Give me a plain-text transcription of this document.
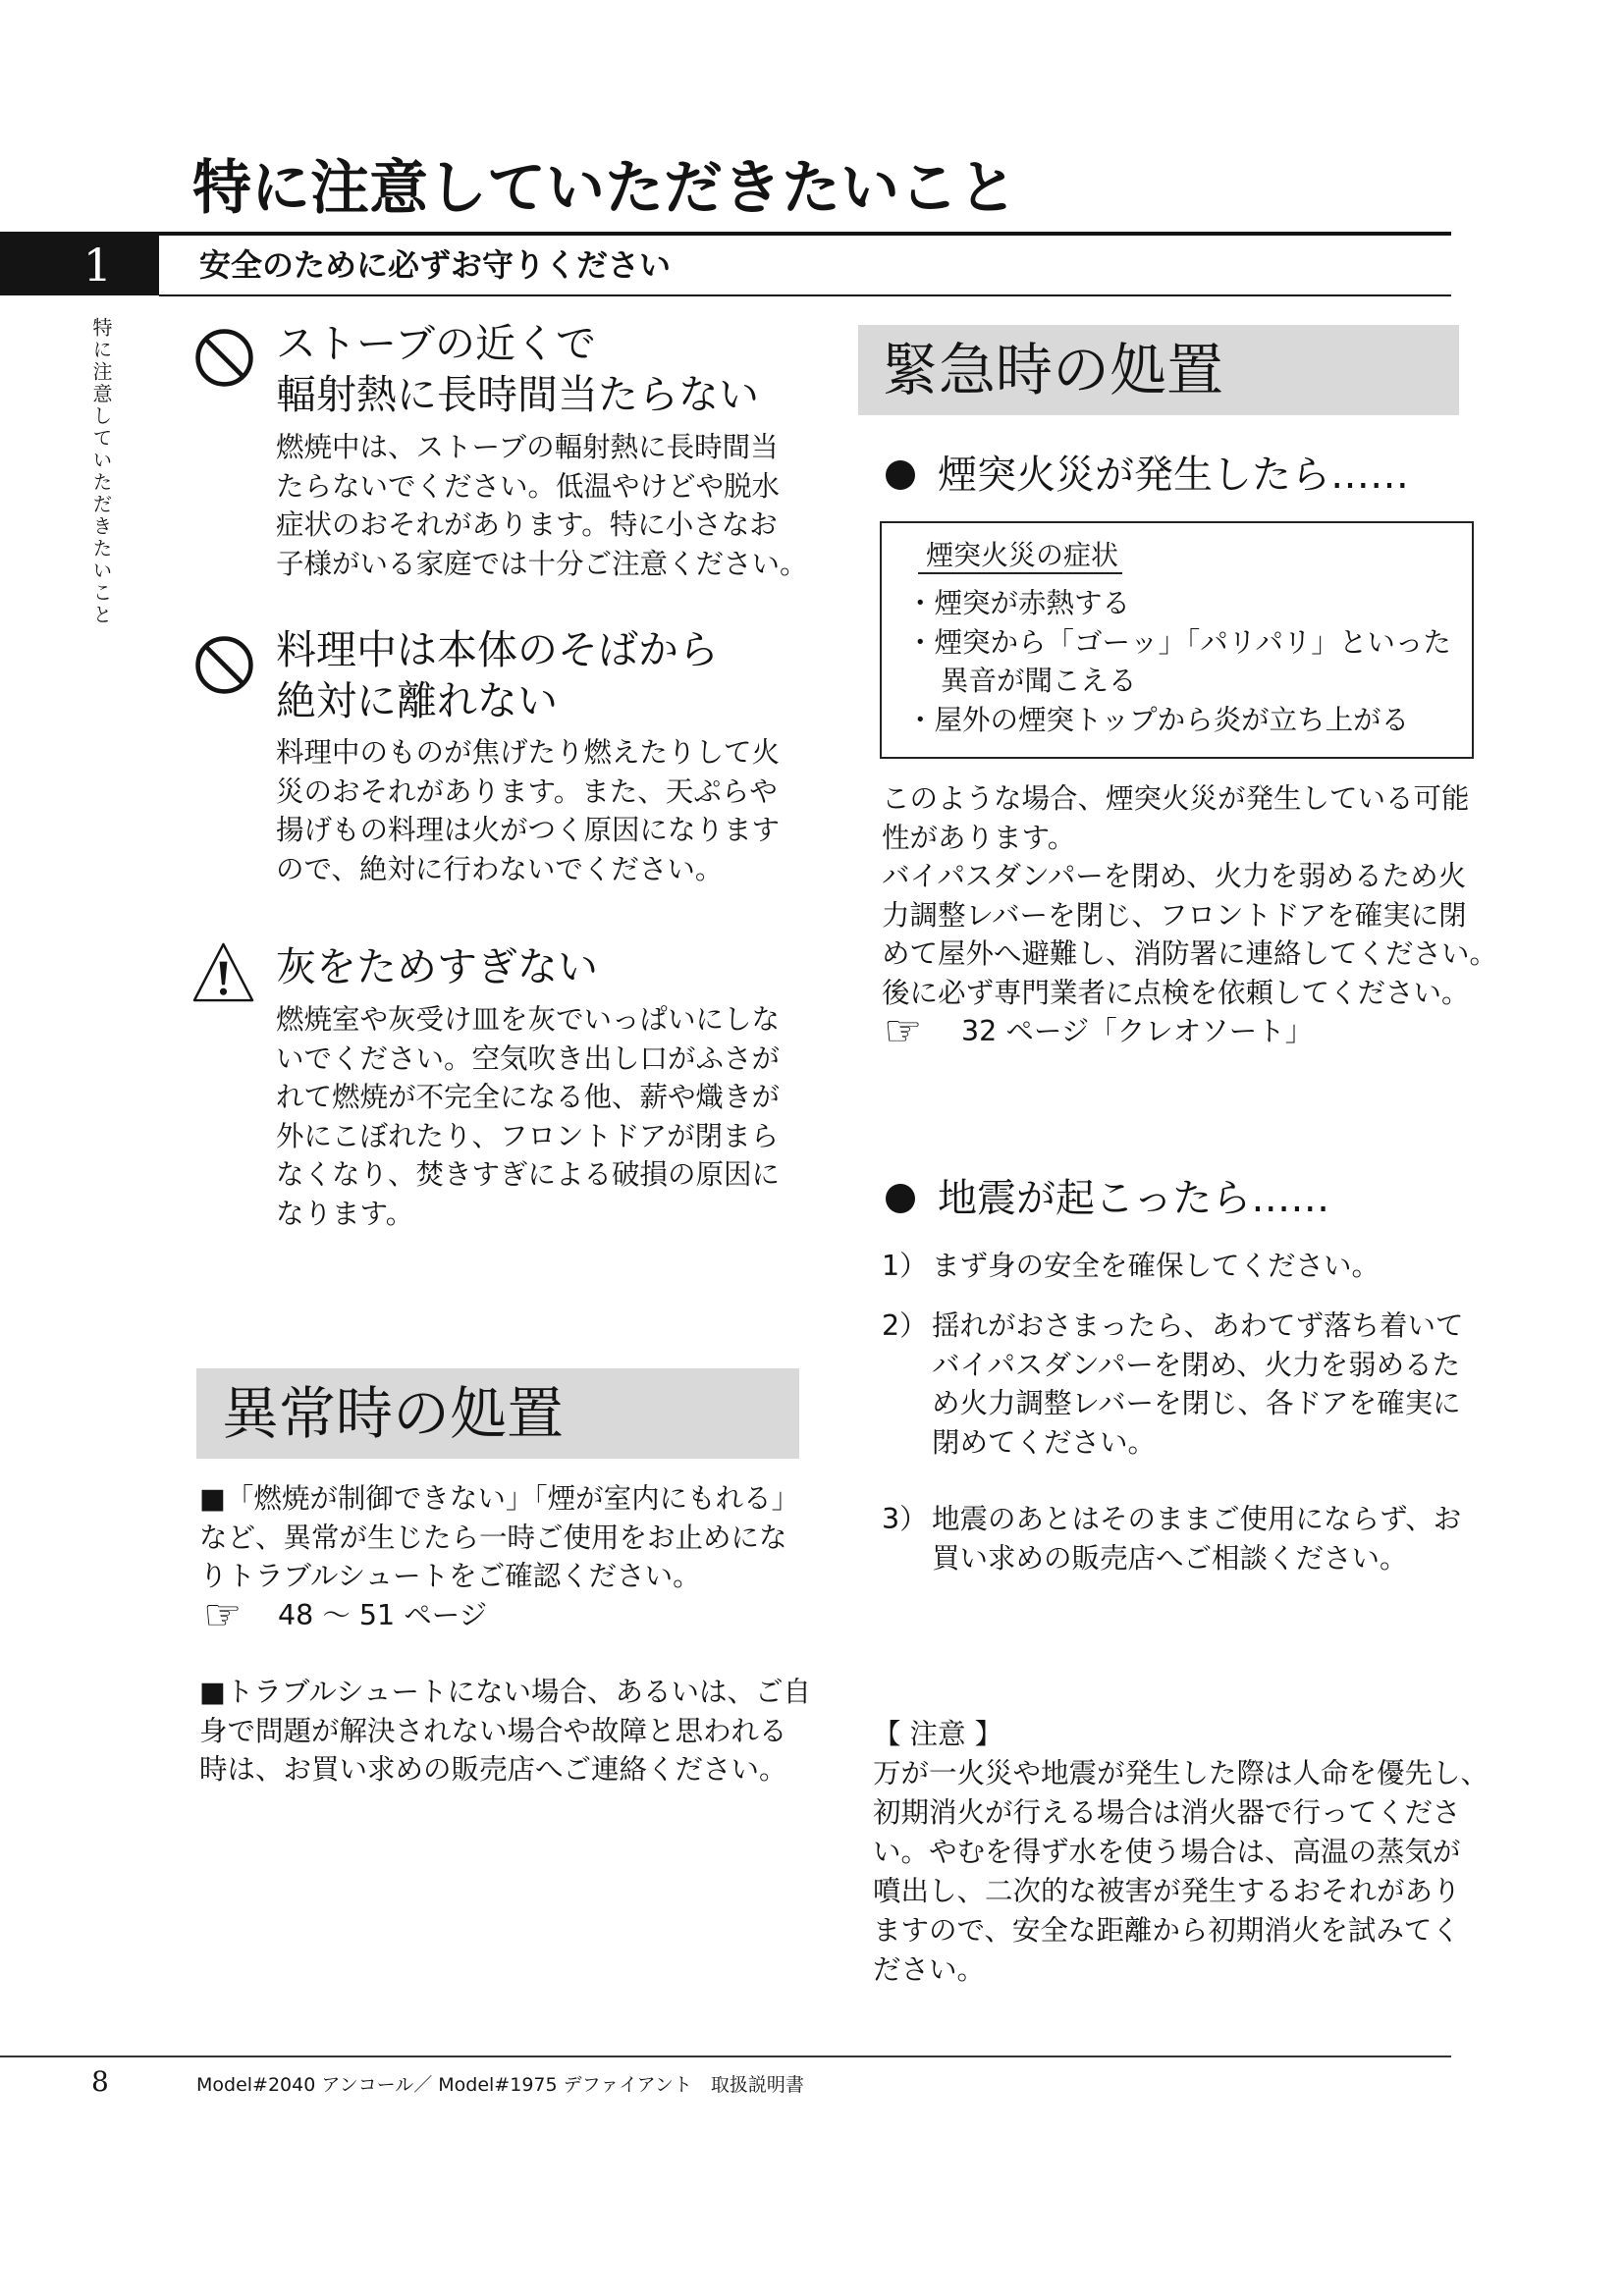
特に注意していただきたいこと
1	安全のために必ずお守りください
特に注意していただきたいこと	ストーブの近くで
輻射熱に長時間当たらない
燃焼中は、ストーブの輻射熱に長時間当
たらないでください。低温やけどや脱水
症状のおそれがあります。特に小さなお
子様がいる家庭では十分ご注意ください。
料理中は本体のそばから
絶対に離れない
料理中のものが焦げたり燃えたりして火
災のおそれがあります。また、天ぷらや
揚げもの料理は火がつく原因になります
ので、絶対に行わないでください。
灰をためすぎない
燃焼室や灰受け皿を灰でいっぱいにしな
いでください。空気吹き出し口がふさが
れて燃焼が不完全になる他、薪や熾きが
外にこぼれたり、フロントドアが閉まら
なくなり、焚きすぎによる破損の原因に
なります。
異常時の処置
■「燃焼が制御できない」「煙が室内にもれる」
など、異常が生じたら一時ご使用をお止めにな
りトラブルシュートをご確認ください。
☞
48 ～ 51 ページ
■トラブルシュートにない場合、あるいは、ご自
身で問題が解決されない場合や故障と思われる
時は、お買い求めの販売店へご連絡ください。
緊急時の処置
煙突火災が発生したら……
煙突火災の症状
・煙突が赤熱する
・煙突から「ゴーッ」「パリパリ」といった
異音が聞こえる
・屋外の煙突トップから炎が立ち上がる
このような場合、煙突火災が発生している可能
性があります。
バイパスダンパーを閉め、火力を弱めるため火
力調整レバーを閉じ、フロントドアを確実に閉
めて屋外へ避難し、消防署に連絡してください。
後に必ず専門業者に点検を依頼してください。
☞
32 ページ「クレオソート」
地震が起こったら……
1） まず身の安全を確保してください。
2） 揺れがおさまったら、あわてず落ち着いて
バイパスダンパーを閉め、火力を弱めるた
め火力調整レバーを閉じ、各ドアを確実に
閉めてください。
3） 地震のあとはそのままご使用にならず、お
買い求めの販売店へご相談ください。
【 注意 】
万が一火災や地震が発生した際は人命を優先し、
初期消火が行える場合は消火器で行ってくださ
い。やむを得ず水を使う場合は、高温の蒸気が
噴出し、二次的な被害が発生するおそれがあり
ますので、安全な距離から初期消火を試みてく
ださい。
8	Model#2040 アンコール／ Model#1975 デファイアント　取扱説明書
